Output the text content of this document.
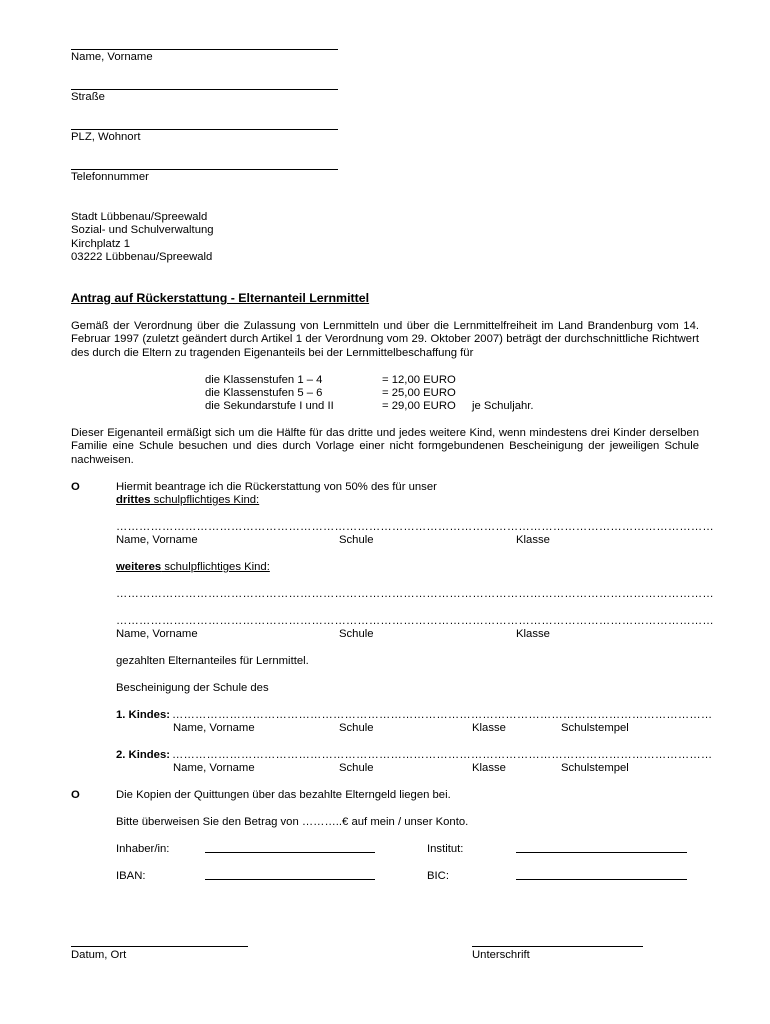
Name, Vorname
Straße
PLZ, Wohnort
Telefonnummer
Stadt Lübbenau/Spreewald
Sozial- und Schulverwaltung
Kirchplatz 1
03222 Lübbenau/Spreewald
Antrag auf Rückerstattung - Elternanteil Lernmittel
Gemäß der Verordnung über die Zulassung von Lernmitteln und über die Lernmittelfreiheit im Land Brandenburg vom 14. Februar 1997 (zuletzt geändert durch Artikel 1 der Verordnung vom 29. Oktober 2007) beträgt der durchschnittliche Richtwert des durch die Eltern zu tragenden Eigenanteils bei der Lernmittelbeschaffung für
die Klassenstufen 1 – 4	= 12,00 EURO
die Klassenstufen 5 – 6	= 25,00 EURO
die Sekundarstufe I und II	= 29,00 EURO je Schuljahr.
Dieser Eigenanteil ermäßigt sich um die Hälfte für das dritte und jedes weitere Kind, wenn mindestens drei Kinder derselben Familie eine Schule besuchen und dies durch Vorlage einer nicht formgebundenen Bescheinigung der jeweiligen Schule nachweisen.
O	Hiermit beantrage ich die Rückerstattung von 50% des für unser
drittes schulpflichtiges Kind:
…………………………………………………………………………………………………………………………………………
Name, Vorname	Schule	Klasse
weiteres schulpflichtiges Kind:
…………………………………………………………………………………………………………………………………………
…………………………………………………………………………………………………………………………………………
Name, Vorname	Schule	Klasse
gezahlten Elternanteiles für Lernmittel.
Bescheinigung der Schule des
1. Kindes: ……………………………………………………………………………………………………………………………
Name, Vorname	Schule	Klasse	Schulstempel
2. Kindes: ……………………………………………………………………………………………………………………………
Name, Vorname	Schule	Klasse	Schulstempel
O	Die Kopien der Quittungen über das bezahlte Elterngeld liegen bei.
Bitte überweisen Sie den Betrag von ………..€ auf mein / unser Konto.
Inhaber/in:	Institut:
IBAN:	BIC:
Datum, Ort	Unterschrift
